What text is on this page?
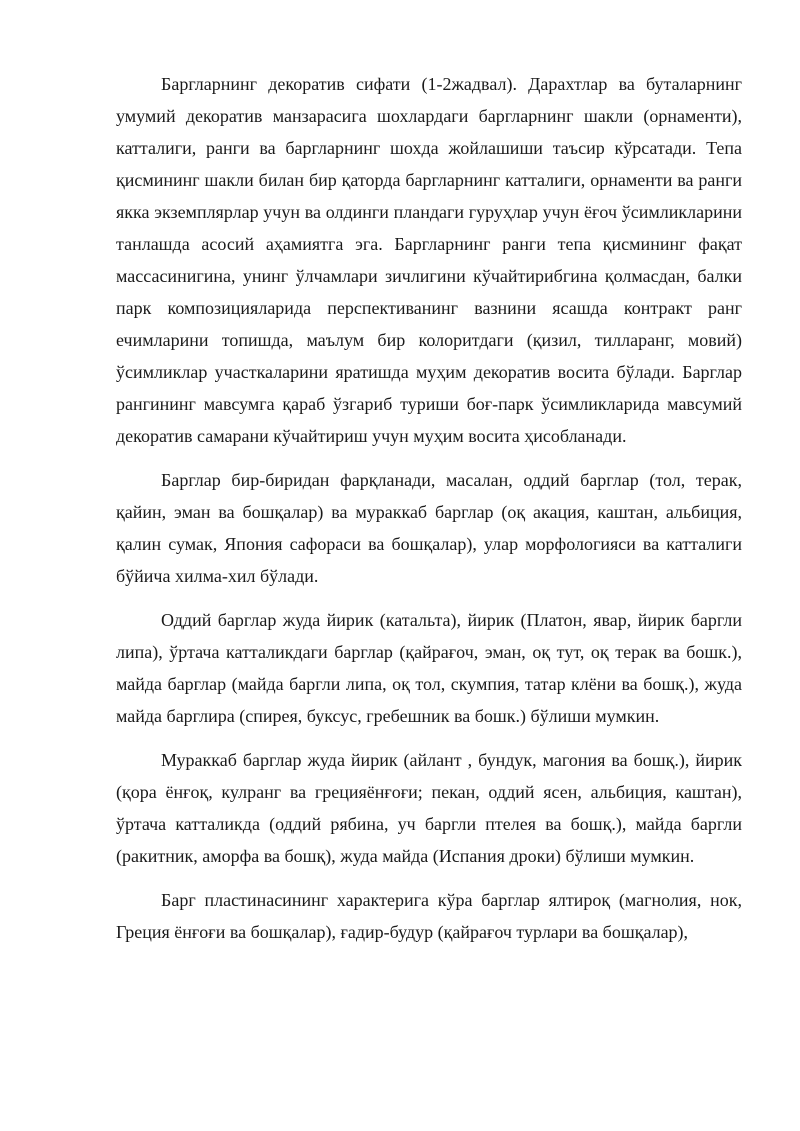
Баргларнинг декоратив сифати (1-2жадвал). Дарахтлар ва буталарнинг умумий декоратив манзарасига шохлардаги баргларнинг шакли (орнаменти), катталиги, ранги ва баргларнинг шохда жойлашиши таъсир кўрсатади. Тепа қисмининг шакли билан бир қаторда баргларнинг катталиги, орнаменти ва ранги якка экземплярлар учун ва олдинги пландаги гуруҳлар учун ёғоч ўсимликларини танлашда асосий аҳамиятга эга. Баргларнинг ранги тепа қисмининг фақат массасинигина, унинг ўлчамлари зичлигини кўчайтирибгина қолмасдан, балки парк композицияларида перспективанинг вазнини ясашда контракт ранг ечимларини топишда, маълум бир колоритдаги (қизил, тилларанг, мовий) ўсимликлар участкаларини яратишда муҳим декоратив восита бўлади. Барглар рангининг мавсумга қараб ўзгариб туриши боғ-парк ўсимликларида мавсумий декоратив самарани кўчайтириш учун муҳим восита ҳисобланади.

Барглар бир-биридан фарқланади, масалан, оддий барглар (тол, терак, қайин, эман ва бошқалар) ва мураккаб барглар (оқ акация, каштан, альбиция, қалин сумак, Япония сафораси ва бошқалар), улар морфологияси ва катталиги бўйича хилма-хил бўлади.

Оддий барглар жуда йирик (катальта), йирик (Платон, явар, йирик баргли липа), ўртача катталикдаги барглар (қайрағоч, эман, оқ тут, оқ терак ва бошк.), майда барглар (майда баргли липа, оқ тол, скумпия, татар клёни ва бошқ.), жуда майда барглира (спирея, буксус, гребешник ва бошк.) бўлиши мумкин.

Мураккаб барглар жуда йирик (айлант , бундук, магония ва бошқ.), йирик (қора ёнғоқ, кулранг ва грецияёнғоғи; пекан, оддий ясен, альбиция, каштан), ўртача катталикда (оддий рябина, уч баргли птелея ва бошқ.), майда баргли (ракитник, аморфа ва бошқ), жуда майда (Испания дроки) бўлиши мумкин.

Барг пластинасининг характерига кўра барглар ялтироқ (магнолия, нок, Греция ёнғоғи ва бошқалар), ғадир-будур (қайрағоч турлари ва бошқалар),
